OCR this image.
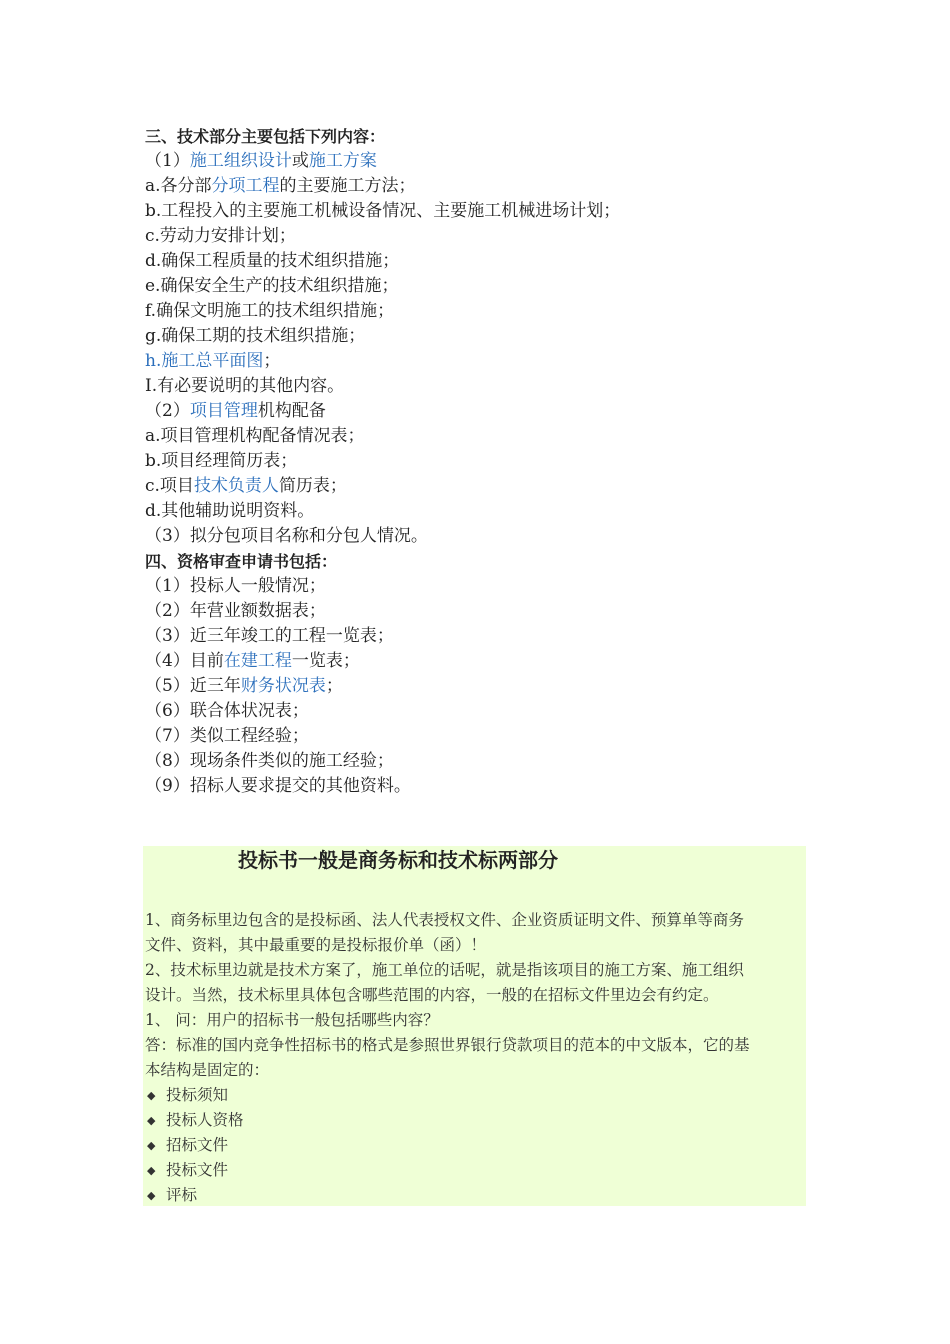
三、技术部分主要包括下列内容：
（1）施工组织设计或施工方案
a.各分部分项工程的主要施工方法；
b.工程投入的主要施工机械设备情况、主要施工机械进场计划；
c.劳动力安排计划；
d.确保工程质量的技术组织措施；
e.确保安全生产的技术组织措施；
f.确保文明施工的技术组织措施；
g.确保工期的技术组织措施；
h.施工总平面图；
I.有必要说明的其他内容。
（2）项目管理机构配备
a.项目管理机构配备情况表；
b.项目经理简历表；
c.项目技术负责人简历表；
d.其他辅助说明资料。
（3）拟分包项目名称和分包人情况。
四、资格审查申请书包括：
（1）投标人一般情况；
（2）年营业额数据表；
（3）近三年竣工的工程一览表；
（4）目前在建工程一览表；
（5）近三年财务状况表；
（6）联合体状况表；
（7）类似工程经验；
（8）现场条件类似的施工经验；
（9）招标人要求提交的其他资料。
投标书一般是商务标和技术标两部分
1、商务标里边包含的是投标函、法人代表授权文件、企业资质证明文件、预算单等商务
文件、资料，其中最重要的是投标报价单（函）！
2、技术标里边就是技术方案了，施工单位的话呢，就是指该项目的施工方案、施工组织
设计。当然，技术标里具体包含哪些范围的内容，一般的在招标文件里边会有约定。
1、 问：用户的招标书一般包括哪些内容？
答：标准的国内竞争性招标书的格式是参照世界银行贷款项目的范本的中文版本，它的基
本结构是固定的：
◆ 投标须知
◆ 投标人资格
◆ 招标文件
◆ 投标文件
◆ 评标
